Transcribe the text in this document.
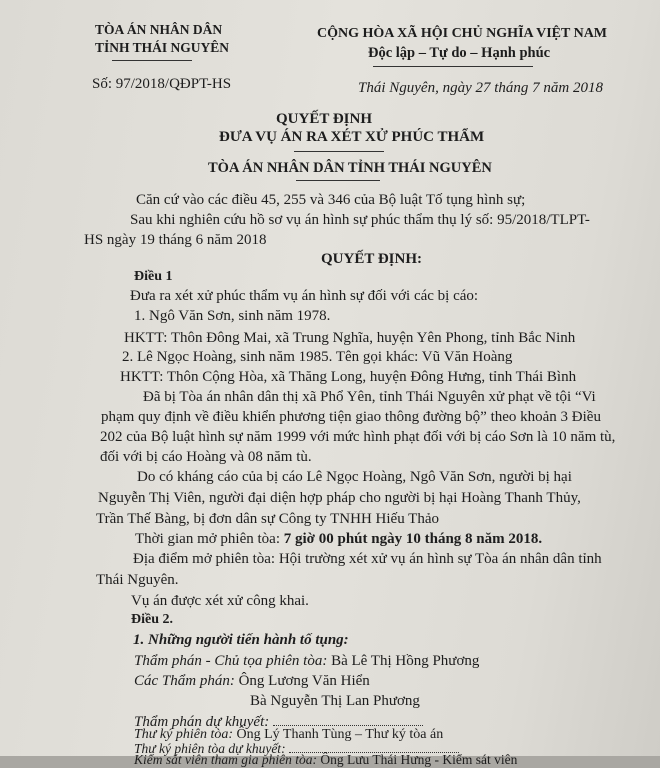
TÒA ÁN NHÂN DÂN
TỈNH THÁI NGUYÊN
CỘNG HÒA XÃ HỘI CHỦ NGHĨA VIỆT NAM
Độc lập – Tự do – Hạnh phúc
Số: 97/2018/QĐPT-HS	Thái Nguyên, ngày 27 tháng 7 năm 2018
QUYẾT ĐỊNH
ĐƯA VỤ ÁN RA XÉT XỬ PHÚC THẨM
TÒA ÁN NHÂN DÂN TỈNH THÁI NGUYÊN
Căn cứ vào các điều 45, 255 và 346 của Bộ luật Tố tụng hình sự;
Sau khi nghiên cứu hồ sơ vụ án hình sự phúc thẩm thụ lý số: 95/2018/TLPT-
HS ngày 19 tháng 6 năm 2018
QUYẾT ĐỊNH:
Điều 1
Đưa ra xét xử phúc thẩm vụ án hình sự đối với các bị cáo:
1. Ngô Văn Sơn, sinh năm 1978.
HKTT: Thôn Đông Mai, xã Trung Nghĩa, huyện Yên Phong, tỉnh Bắc Ninh
2. Lê Ngọc Hoàng, sinh năm 1985. Tên gọi khác: Vũ Văn Hoàng
HKTT: Thôn Cộng Hòa, xã Thăng Long, huyện Đông Hưng, tỉnh Thái Bình
Đã bị Tòa án nhân dân thị xã Phổ Yên, tỉnh Thái Nguyên xử phạt về tội “Vi
phạm quy định về điều khiển phương tiện giao thông đường bộ” theo khoản 3 Điều
202 của Bộ luật hình sự năm 1999 với mức hình phạt đối với bị cáo Sơn là 10 năm tù,
đối với bị cáo Hoàng và 08 năm tù.
Do có kháng cáo của bị cáo Lê Ngọc Hoàng, Ngô Văn Sơn, người bị hại
Nguyễn Thị Viên, người đại diện hợp pháp cho người bị hại Hoàng Thanh Thủy,
Trần Thế Bàng, bị đơn dân sự Công ty TNHH Hiếu Thảo
Thời gian mở phiên tòa: 7 giờ 00 phút ngày 10 tháng 8 năm 2018.
Địa điểm mở phiên tòa: Hội trường xét xử vụ án hình sự Tòa án nhân dân tỉnh
Thái Nguyên.
Vụ án được xét xử công khai.
Điều 2.
1. Những người tiến hành tố tụng:
Thẩm phán - Chủ tọa phiên tòa: Bà Lê Thị Hồng Phương
Các Thẩm phán: Ông Lương Văn Hiển
Bà Nguyễn Thị Lan Phương
Thẩm phán dự khuyết:
Thư ký phiên tòa: Ông Lý Thanh Tùng – Thư ký tòa án
Thư ký phiên tòa dự khuyết:
Kiểm sát viên tham gia phiên tòa: Ông Lưu Thái Hưng - Kiểm sát viên
